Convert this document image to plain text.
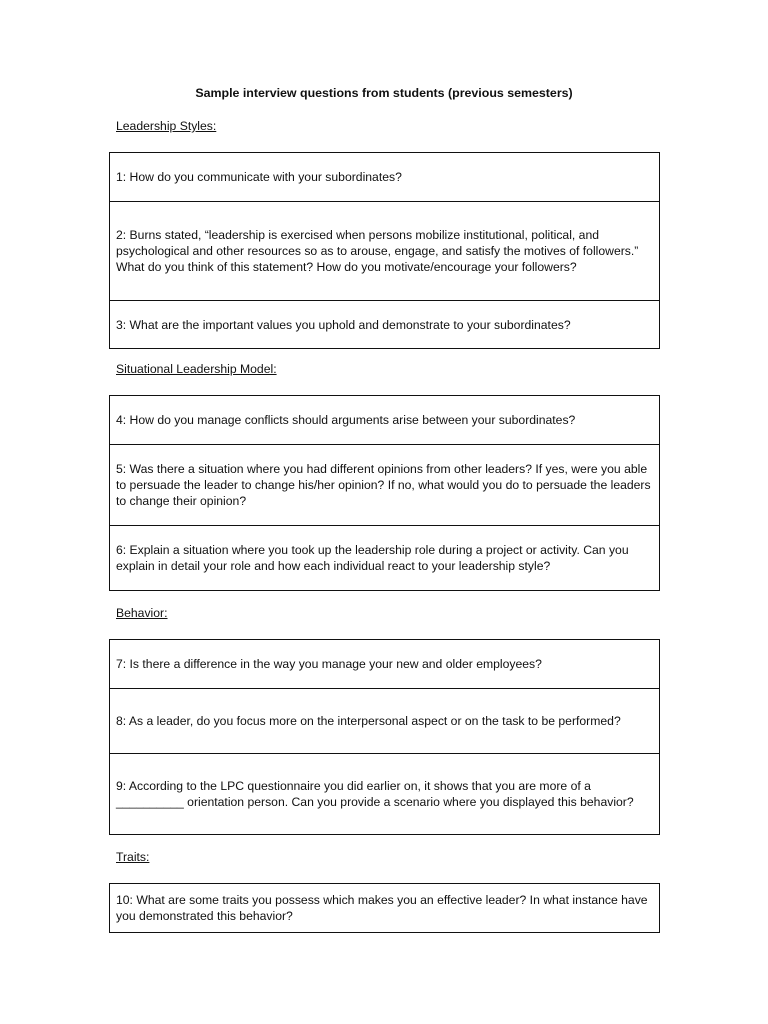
Sample interview questions from students (previous semesters)
Leadership Styles:
1: How do you communicate with your subordinates?
2: Burns stated, “leadership is exercised when persons mobilize institutional, political, and psychological and other resources so as to arouse, engage, and satisfy the motives of followers.” What do you think of this statement? How do you motivate/encourage your followers?
3: What are the important values you uphold and demonstrate to your subordinates?
Situational Leadership Model:
4: How do you manage conflicts should arguments arise between your subordinates?
5: Was there a situation where you had different opinions from other leaders? If yes, were you able to persuade the leader to change his/her opinion? If no, what would you do to persuade the leaders to change their opinion?
6: Explain a situation where you took up the leadership role during a project or activity. Can you explain in detail your role and how each individual react to your leadership style?
Behavior:
7: Is there a difference in the way you manage your new and older employees?
8: As a leader, do you focus more on the interpersonal aspect or on the task to be performed?
9: According to the LPC questionnaire you did earlier on, it shows that you are more of a __________ orientation person. Can you provide a scenario where you displayed this behavior?
Traits:
10: What are some traits you possess which makes you an effective leader? In what instance have you demonstrated this behavior?
